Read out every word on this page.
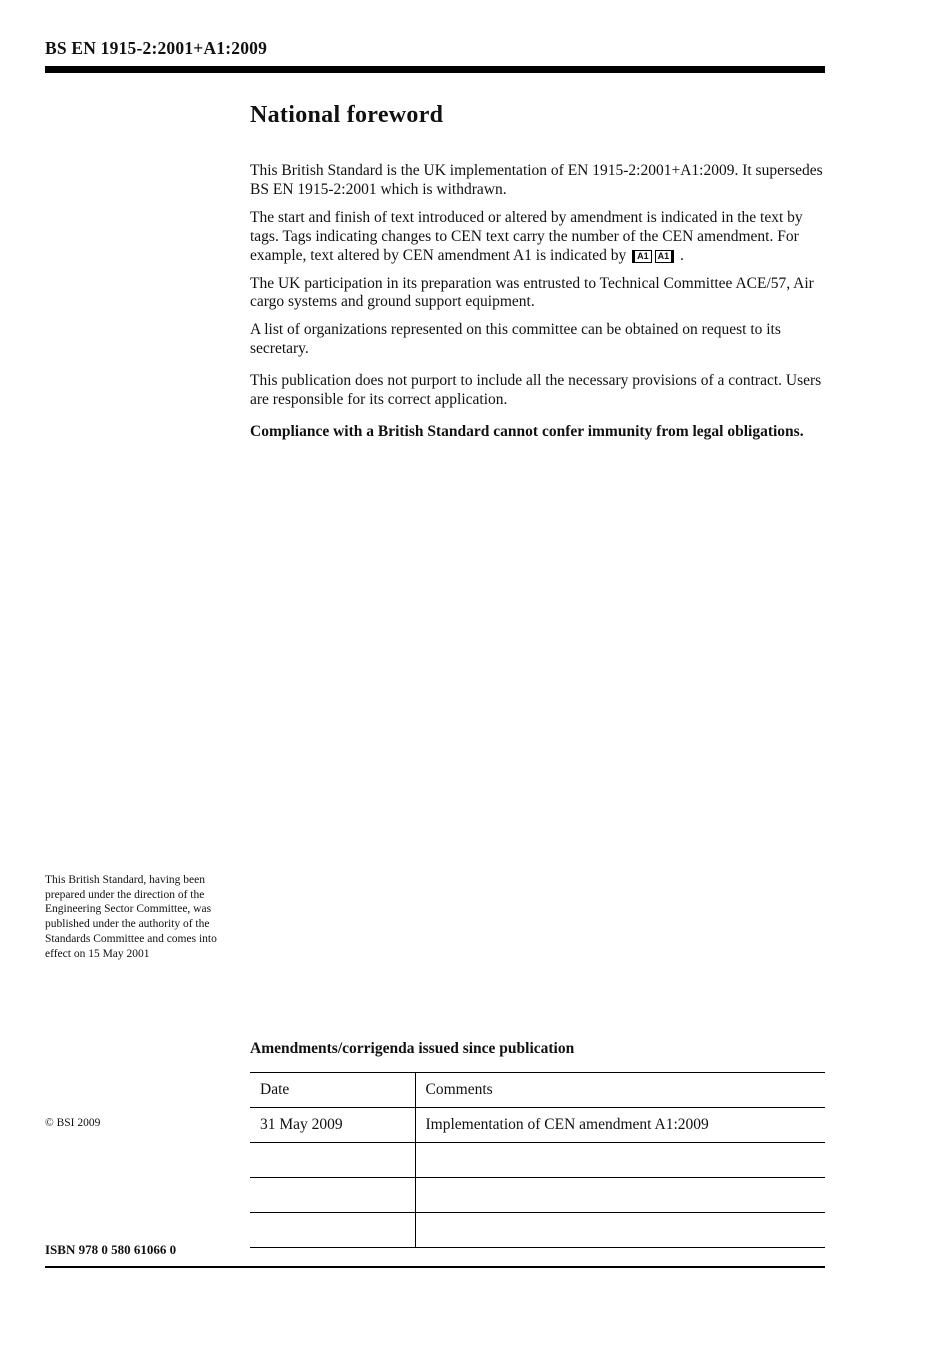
BS EN 1915-2:2001+A1:2009
National foreword

This British Standard is the UK implementation of EN 1915-2:2001+A1:2009. It supersedes BS EN 1915-2:2001 which is withdrawn.

The start and finish of text introduced or altered by amendment is indicated in the text by tags. Tags indicating changes to CEN text carry the number of the CEN amendment. For example, text altered by CEN amendment A1 is indicated by A1 A1 .

The UK participation in its preparation was entrusted to Technical Committee ACE/57, Air cargo systems and ground support equipment.

A list of organizations represented on this committee can be obtained on request to its secretary.

This publication does not purport to include all the necessary provisions of a contract. Users are responsible for its correct application.

Compliance with a British Standard cannot confer immunity from legal obligations.

This British Standard, having been prepared under the direction of the Engineering Sector Committee, was published under the authority of the Standards Committee and comes into effect on 15 May 2001
© BSI 2009
Amendments/corrigenda issued since publication
Date	Comments
31 May 2009	Implementation of CEN amendment A1:2009

ISBN 978 0 580 61066 0
